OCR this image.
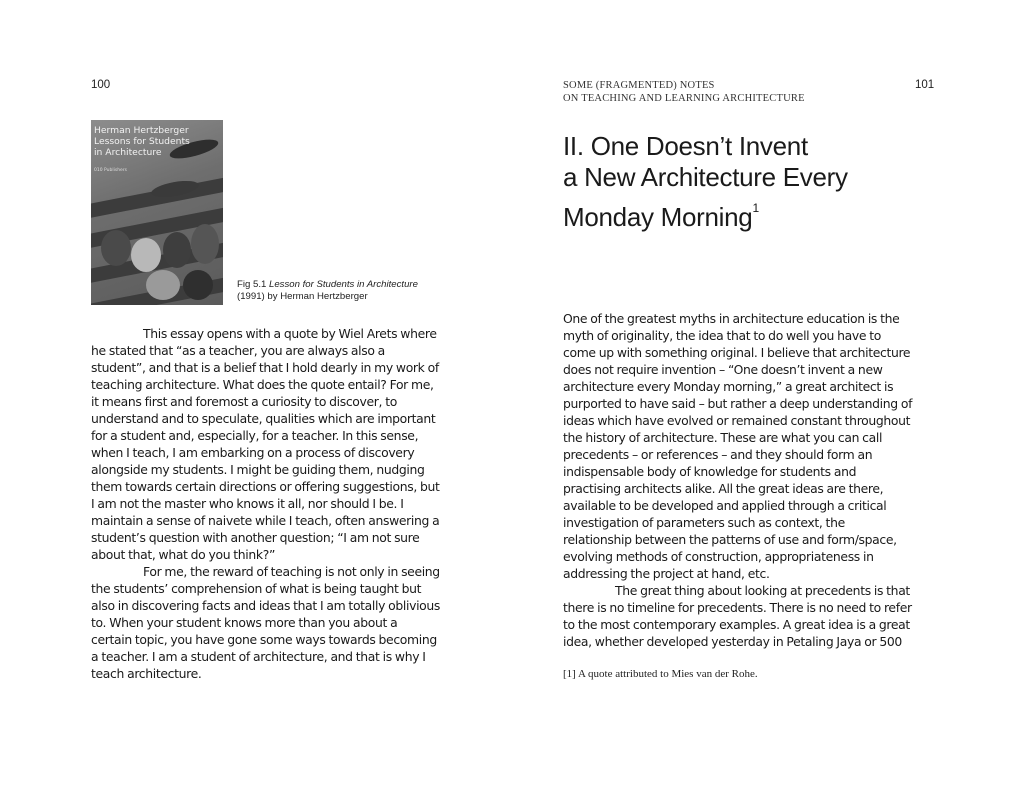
100
Herman Hertzberger
Lessons for Students
in Architecture
010 Publishers
Fig 5.1 Lesson for Students in Architecture
(1991) by Herman Hertzberger

This essay opens with a quote by Wiel Arets where he stated that “as a teacher, you are always also a student”, and that is a belief that I hold dearly in my work of teaching architecture. What does the quote entail? For me, it means first and foremost a curiosity to discover, to understand and to speculate, qualities which are important for a student and, especially, for a teacher. In this sense, when I teach, I am embarking on a process of discovery alongside my students. I might be guiding them, nudging them towards certain directions or offering suggestions, but I am not the master who knows it all, nor should I be. I maintain a sense of naivete while I teach, often answering a student’s question with another question; “I am not sure about that, what do you think?”

For me, the reward of teaching is not only in seeing the students’ comprehension of what is being taught but also in discovering facts and ideas that I am totally oblivious to. When your student knows more than you about a certain topic, you have gone some ways towards becoming a teacher. I am a student of architecture, and that is why I teach architecture.

SOME (FRAGMENTED) NOTES
ON TEACHING AND LEARNING ARCHITECTURE
101
II. One Doesn’t Invent
a New Architecture Every
Monday Morning$^1$

One of the greatest myths in architecture education is the myth of originality, the idea that to do well you have to come up with something original. I believe that architecture does not require invention – “One doesn’t invent a new architecture every Monday morning,” a great architect is purported to have said – but rather a deep understanding of ideas which have evolved or remained constant throughout the history of architecture. These are what you can call precedents – or references – and they should form an indispensable body of knowledge for students and practising architects alike. All the great ideas are there, available to be developed and applied through a critical investigation of parameters such as context, the relationship between the patterns of use and form/space, evolving methods of construction, appropriateness in addressing the project at hand, etc.

The great thing about looking at precedents is that there is no timeline for precedents. There is no need to refer to the most contemporary examples. A great idea is a great idea, whether developed yesterday in Petaling Jaya or 500

[1] A quote attributed to Mies van der Rohe.
